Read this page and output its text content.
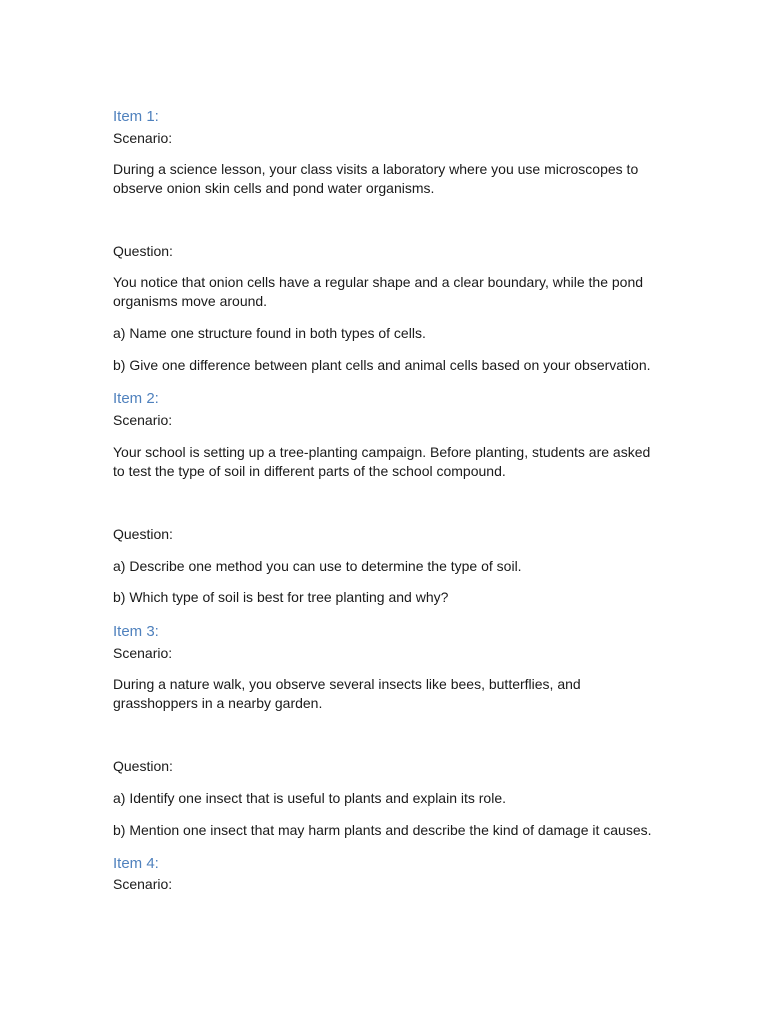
Item 1:
Scenario:
During a science lesson, your class visits a laboratory where you use microscopes to observe onion skin cells and pond water organisms.
Question:
You notice that onion cells have a regular shape and a clear boundary, while the pond organisms move around.
a) Name one structure found in both types of cells.
b) Give one difference between plant cells and animal cells based on your observation.
Item 2:
Scenario:
Your school is setting up a tree-planting campaign. Before planting, students are asked to test the type of soil in different parts of the school compound.
Question:
a) Describe one method you can use to determine the type of soil.
b) Which type of soil is best for tree planting and why?
Item 3:
Scenario:
During a nature walk, you observe several insects like bees, butterflies, and grasshoppers in a nearby garden.
Question:
a) Identify one insect that is useful to plants and explain its role.
b) Mention one insect that may harm plants and describe the kind of damage it causes.
Item 4:
Scenario:
